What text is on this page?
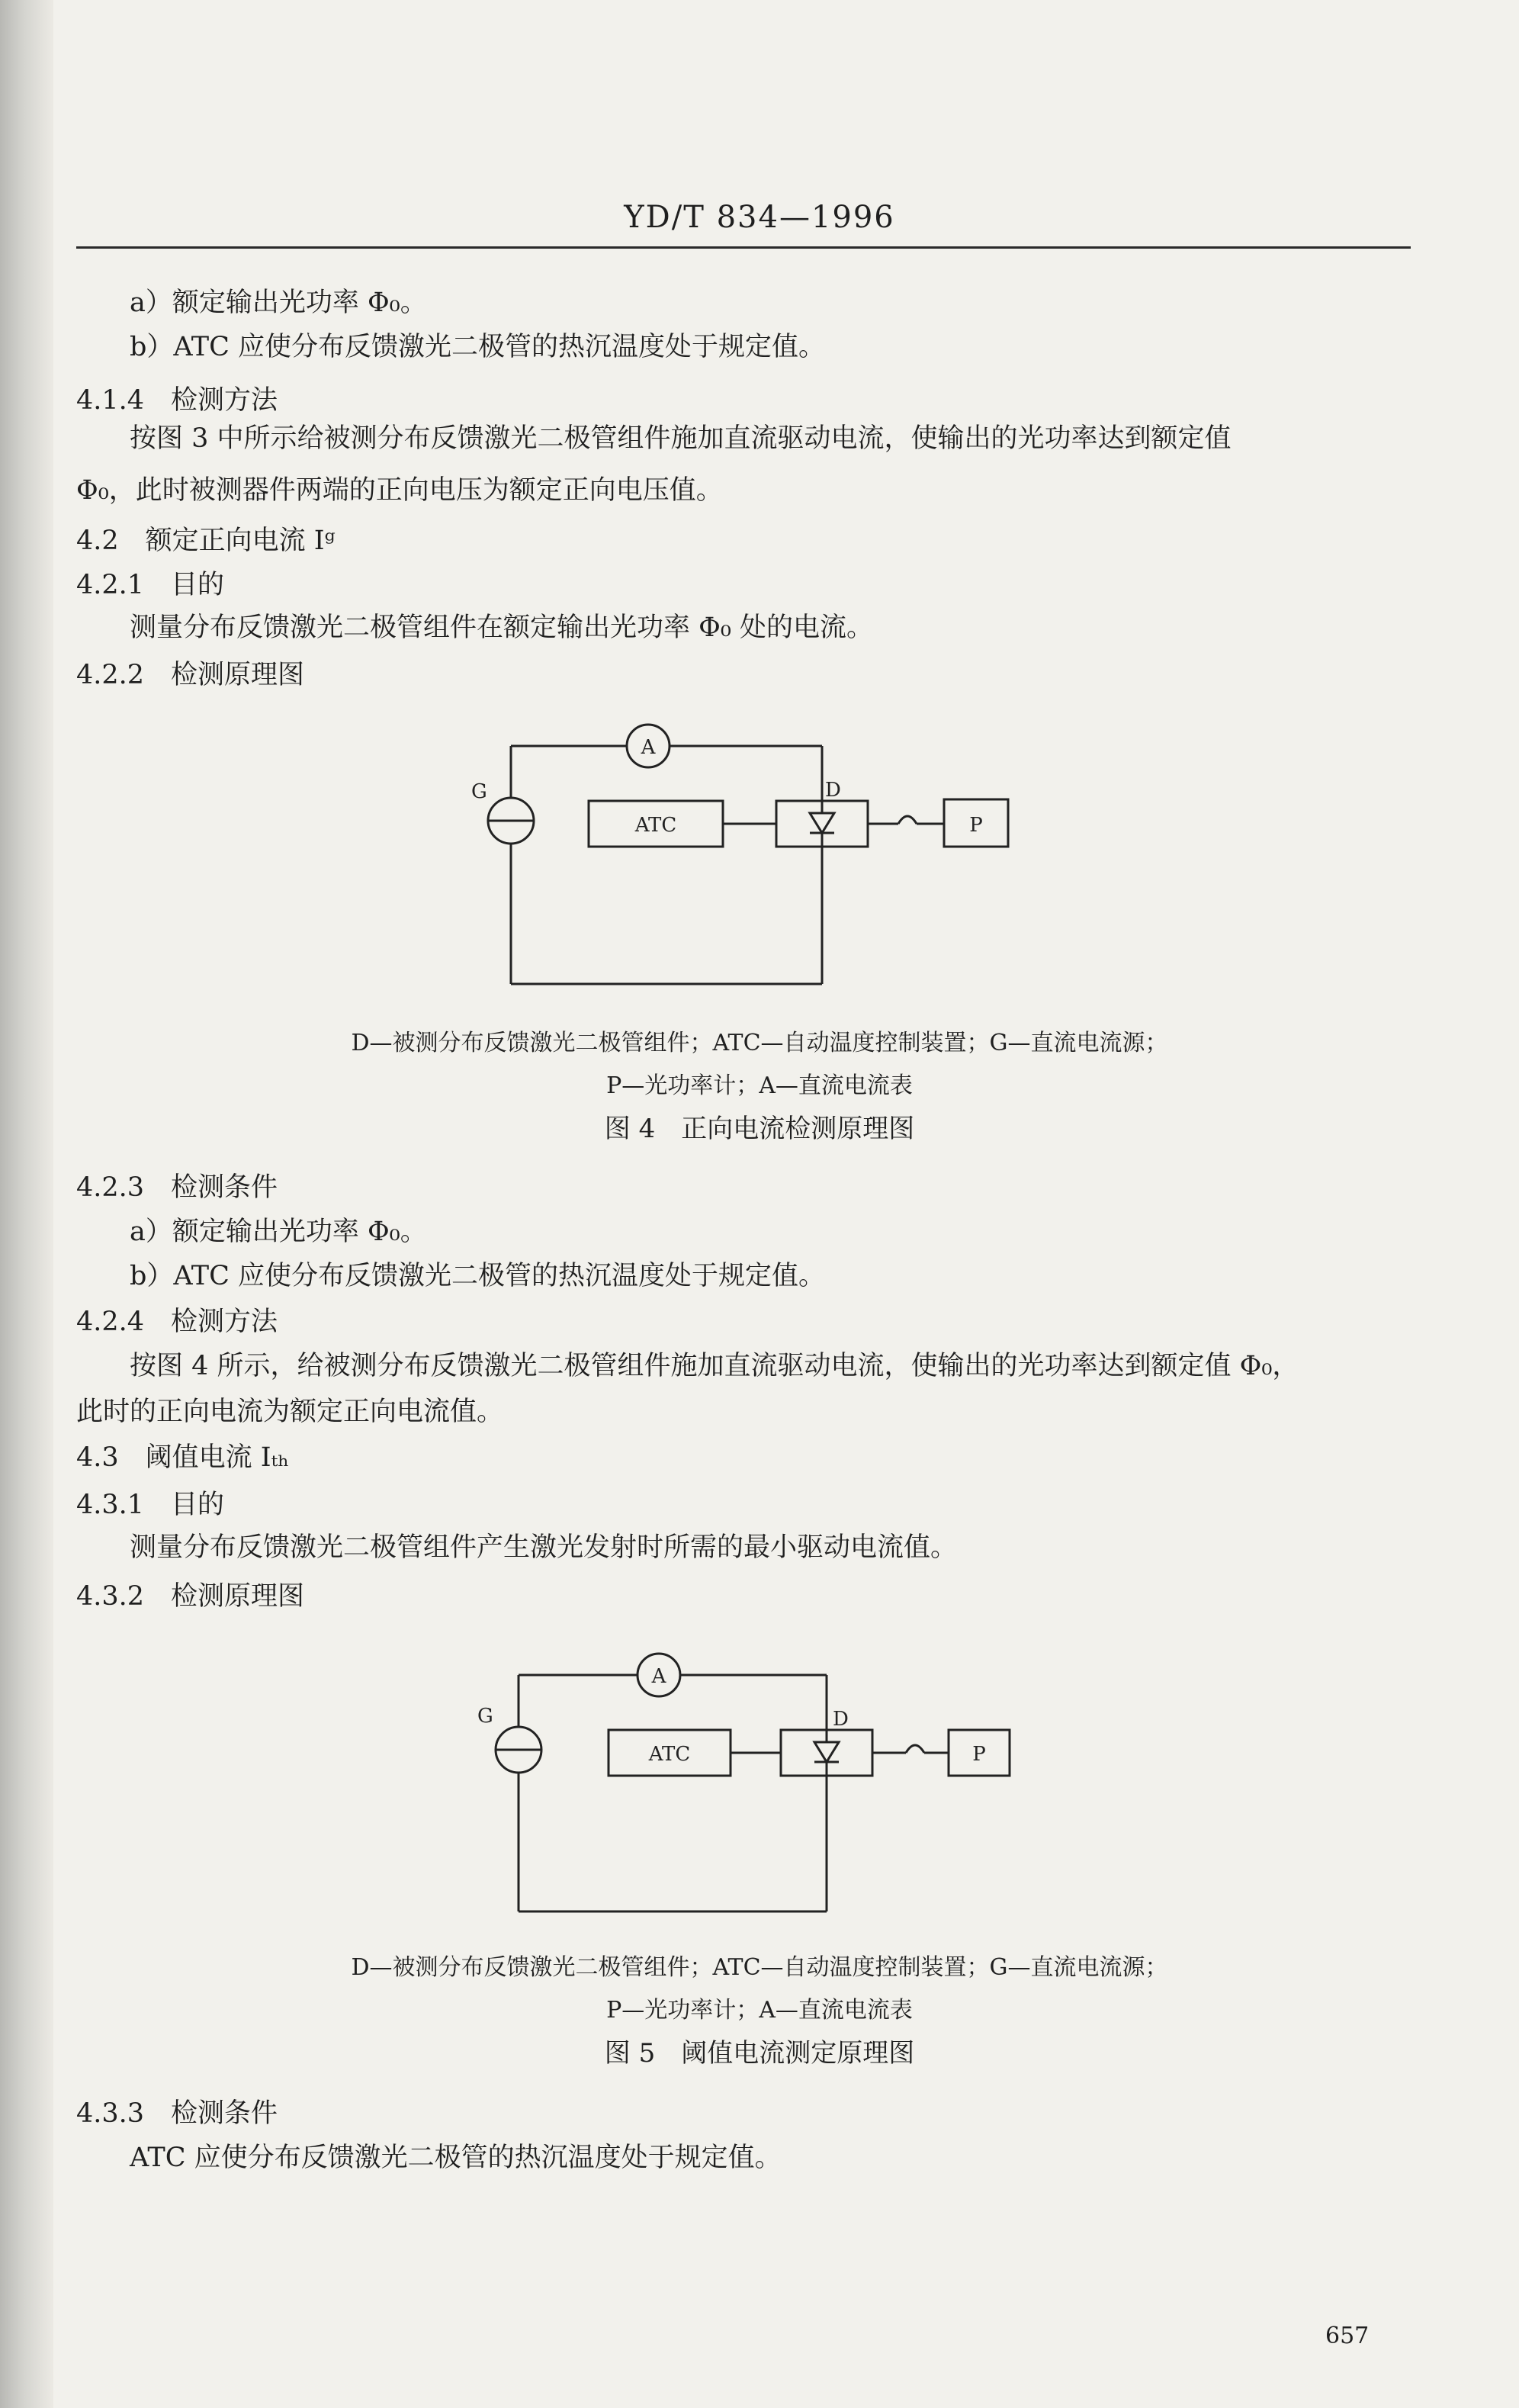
YD/T 834—1996
a）额定输出光功率 Φ₀。
b）ATC 应使分布反馈激光二极管的热沉温度处于规定值。
4.1.4　检测方法
按图 3 中所示给被测分布反馈激光二极管组件施加直流驱动电流，使输出的光功率达到额定值
Φ₀，此时被测器件两端的正向电压为额定正向电压值。
4.2　额定正向电流 Iᵍ
4.2.1　目的
测量分布反馈激光二极管组件在额定输出光功率 Φ₀ 处的电流。
4.2.2　检测原理图
A
G
ATC
D
P
D—被测分布反馈激光二极管组件；ATC—自动温度控制装置；G—直流电流源；
P—光功率计；A—直流电流表
图 4　正向电流检测原理图
4.2.3　检测条件
a）额定输出光功率 Φ₀。
b）ATC 应使分布反馈激光二极管的热沉温度处于规定值。
4.2.4　检测方法
按图 4 所示，给被测分布反馈激光二极管组件施加直流驱动电流，使输出的光功率达到额定值 Φ₀，
此时的正向电流为额定正向电流值。
4.3　阈值电流 Iₜₕ
4.3.1　目的
测量分布反馈激光二极管组件产生激光发射时所需的最小驱动电流值。
4.3.2　检测原理图
A
G
ATC
D
P
D—被测分布反馈激光二极管组件；ATC—自动温度控制装置；G—直流电流源；
P—光功率计；A—直流电流表
图 5　阈值电流测定原理图
4.3.3　检测条件
ATC 应使分布反馈激光二极管的热沉温度处于规定值。
657
